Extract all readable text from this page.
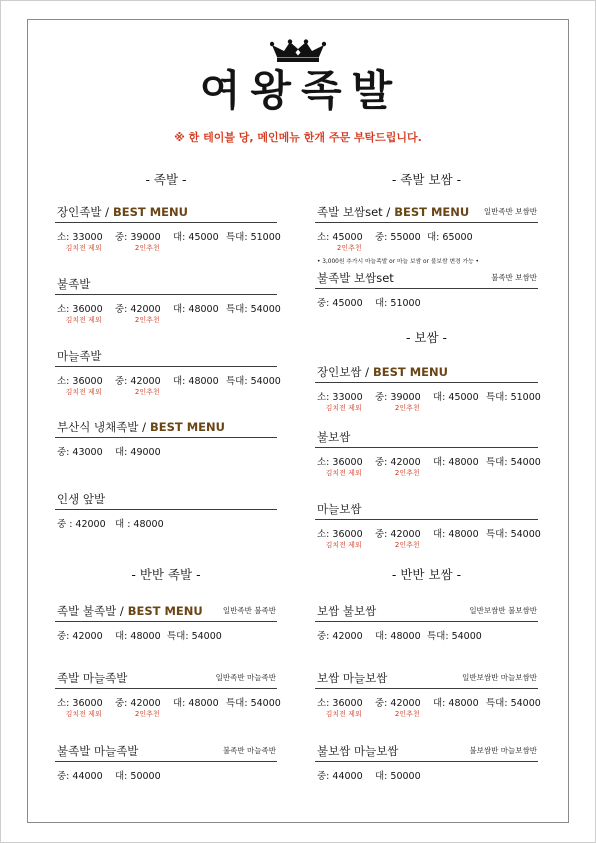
여왕족발
※ 한 테이블 당, 메인메뉴 한개 주문 부탁드립니다.
- 족발 -
장인족발 / BEST MENU
소: 33000
김치전 제외
중: 39000
2인추천
대: 45000 특대: 51000
불족발
소: 36000
김치전 제외
중: 42000
2인추천
대: 48000 특대: 54000
마늘족발
소: 36000
김치전 제외
중: 42000
2인추천
대: 48000 특대: 54000
부산식 냉채족발 / BEST MENU
중: 43000 대: 49000
인생 앞발
중 : 42000 대 : 48000
- 반반 족발 -
족발 불족발 / BEST MENU	일반족반 불족반
중: 42000 대: 48000 특대: 54000
족발 마늘족발	일반족반 마늘족반
소: 36000
김치전 제외
중: 42000
2인추천
대: 48000 특대: 54000
불족발 마늘족발	불족반 마늘족반
중: 44000 대: 50000
- 족발 보쌈 -
족발 보쌈set / BEST MENU 일반족반 보쌈반
소: 45000
2인추천
중: 55000 대: 65000
• 3,000원 추가시 마늘족발 or 마늘 보쌈 or 불보쌈 변경 가능 •
불족발 보쌈set	불족반 보쌈반
중: 45000 대: 51000
- 보쌈 -
장인보쌈 / BEST MENU
소: 33000
김치전 제외
중: 39000
2인추천
대: 45000 특대: 51000
불보쌈
소: 36000
김치전 제외
중: 42000
2인추천
대: 48000 특대: 54000
마늘보쌈
소: 36000
김치전 제외
중: 42000
2인추천
대: 48000 특대: 54000
- 반반 보쌈 -
보쌈 불보쌈	일반보쌈반 불보쌈반
중: 42000 대: 48000 특대: 54000
보쌈 마늘보쌈	일반보쌈반 마늘보쌈반
소: 36000
김치전 제외
중: 42000
2인추천
대: 48000 특대: 54000
불보쌈 마늘보쌈	불보쌈반 마늘보쌈반
중: 44000 대: 50000
